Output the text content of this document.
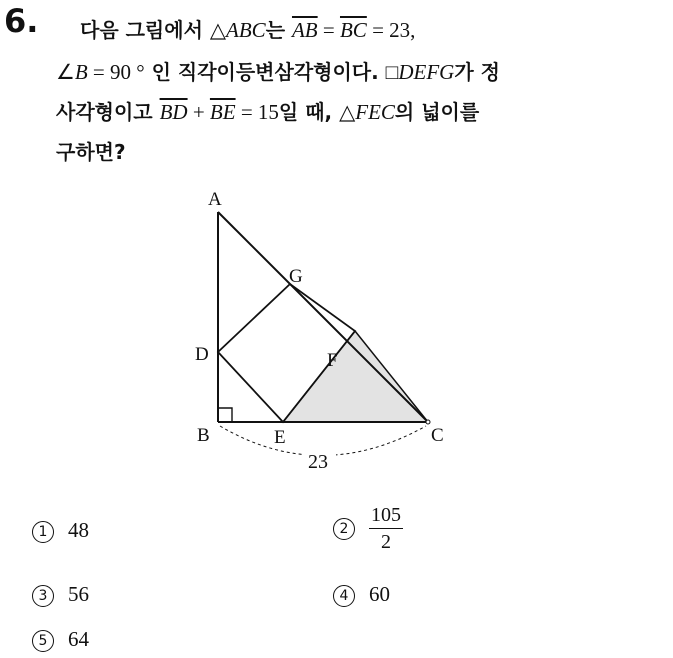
6. 다음 그림에서 △ABC는 $\overline{AB} = \overline{BC} = 23$,
∠B = 90 ° 인 직각이등변삼각형이다. □DEFG가 정
사각형이고 $\overline{BD} + \overline{BE} = 15$일 때, △FEC의 넓이를
구하면?
23
A
B	C
D
E
F
G
1 48	$2 \frac{105}{2}$
3 56	4 60
5 64
